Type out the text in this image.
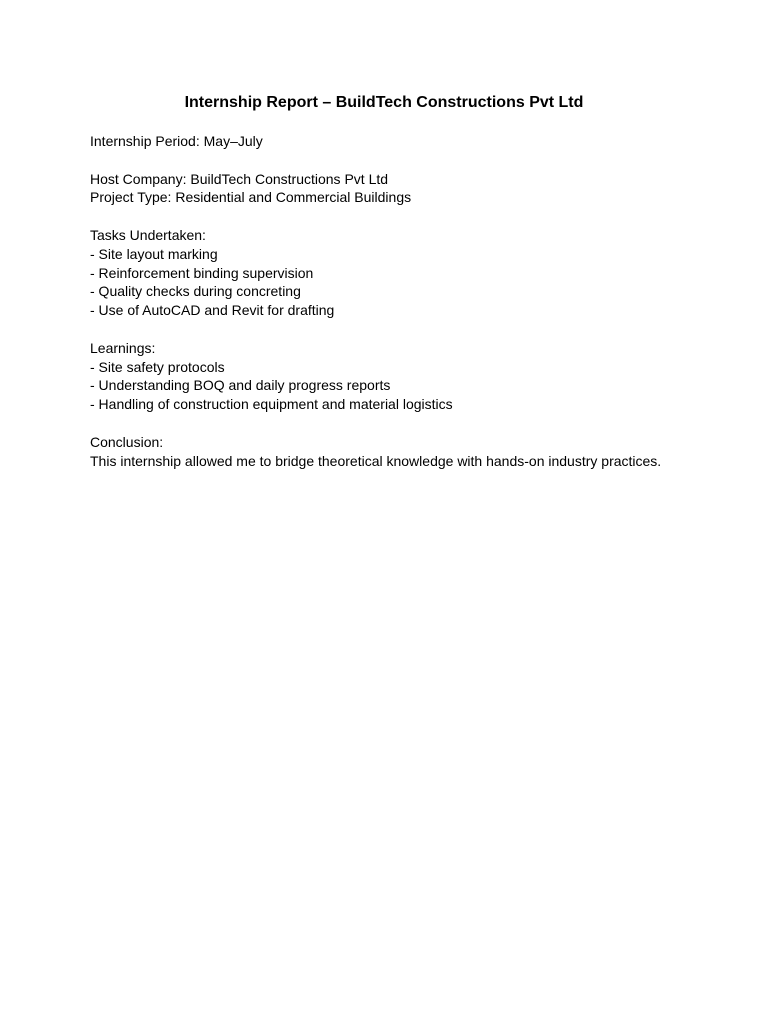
Internship Report – BuildTech Constructions Pvt Ltd

Internship Period: May–July

Host Company: BuildTech Constructions Pvt Ltd

Project Type: Residential and Commercial Buildings

Tasks Undertaken:

- Site layout marking

- Reinforcement binding supervision

- Quality checks during concreting

- Use of AutoCAD and Revit for drafting

Learnings:

- Site safety protocols

- Understanding BOQ and daily progress reports

- Handling of construction equipment and material logistics

Conclusion:

This internship allowed me to bridge theoretical knowledge with hands-on industry practices.
